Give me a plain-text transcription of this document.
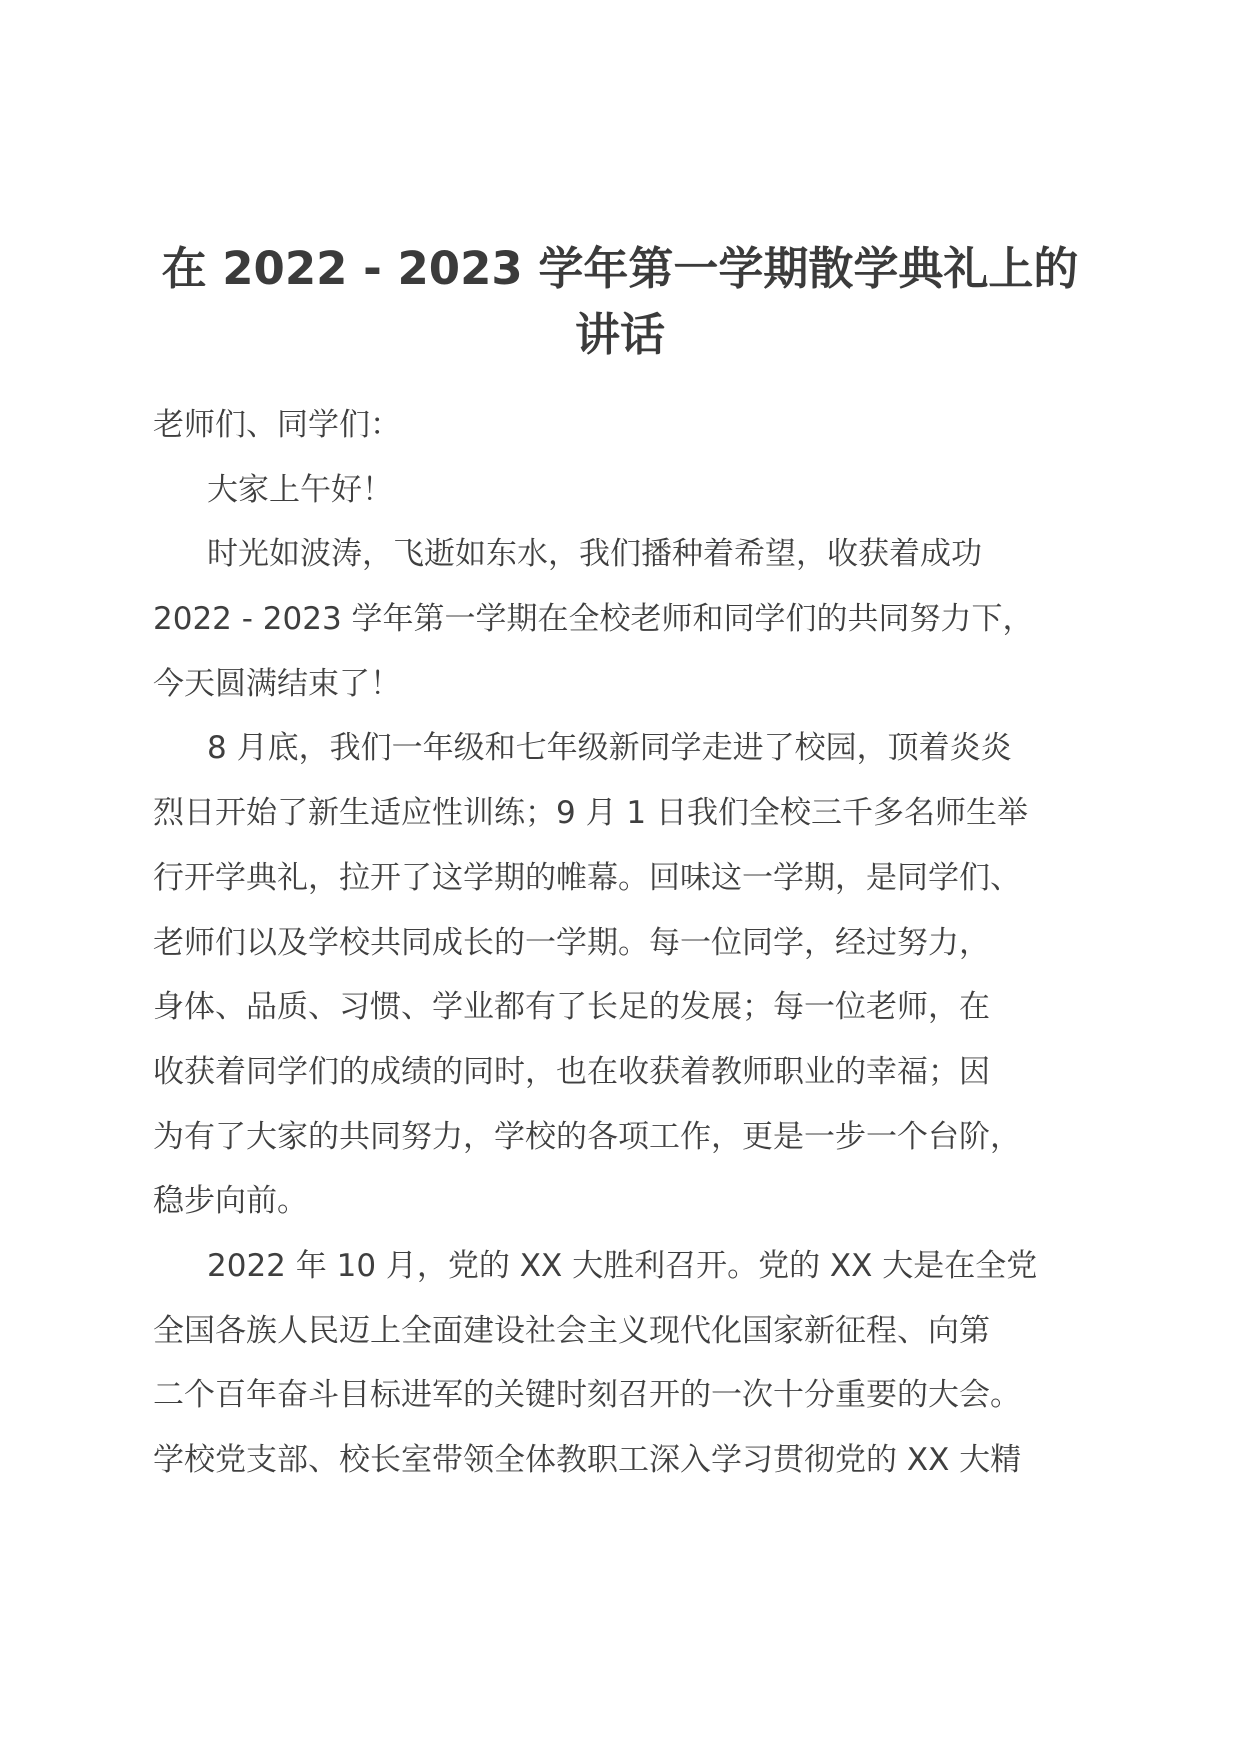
在 2022 - 2023 学年第一学期散学典礼上的
讲话
老师们、同学们：
大家上午好！
时光如波涛，飞逝如东水，我们播种着希望，收获着成功
2022 - 2023 学年第一学期在全校老师和同学们的共同努力下，
今天圆满结束了！
8 月底，我们一年级和七年级新同学走进了校园，顶着炎炎
烈日开始了新生适应性训练；9 月 1 日我们全校三千多名师生举
行开学典礼，拉开了这学期的帷幕。回味这一学期，是同学们、
老师们以及学校共同成长的一学期。每一位同学，经过努力，
身体、品质、习惯、学业都有了长足的发展；每一位老师，在
收获着同学们的成绩的同时，也在收获着教师职业的幸福；因
为有了大家的共同努力，学校的各项工作，更是一步一个台阶，
稳步向前。
2022 年 10 月，党的 XX 大胜利召开。党的 XX 大是在全党
全国各族人民迈上全面建设社会主义现代化国家新征程、向第
二个百年奋斗目标进军的关键时刻召开的一次十分重要的大会。
学校党支部、校长室带领全体教职工深入学习贯彻党的 XX 大精
